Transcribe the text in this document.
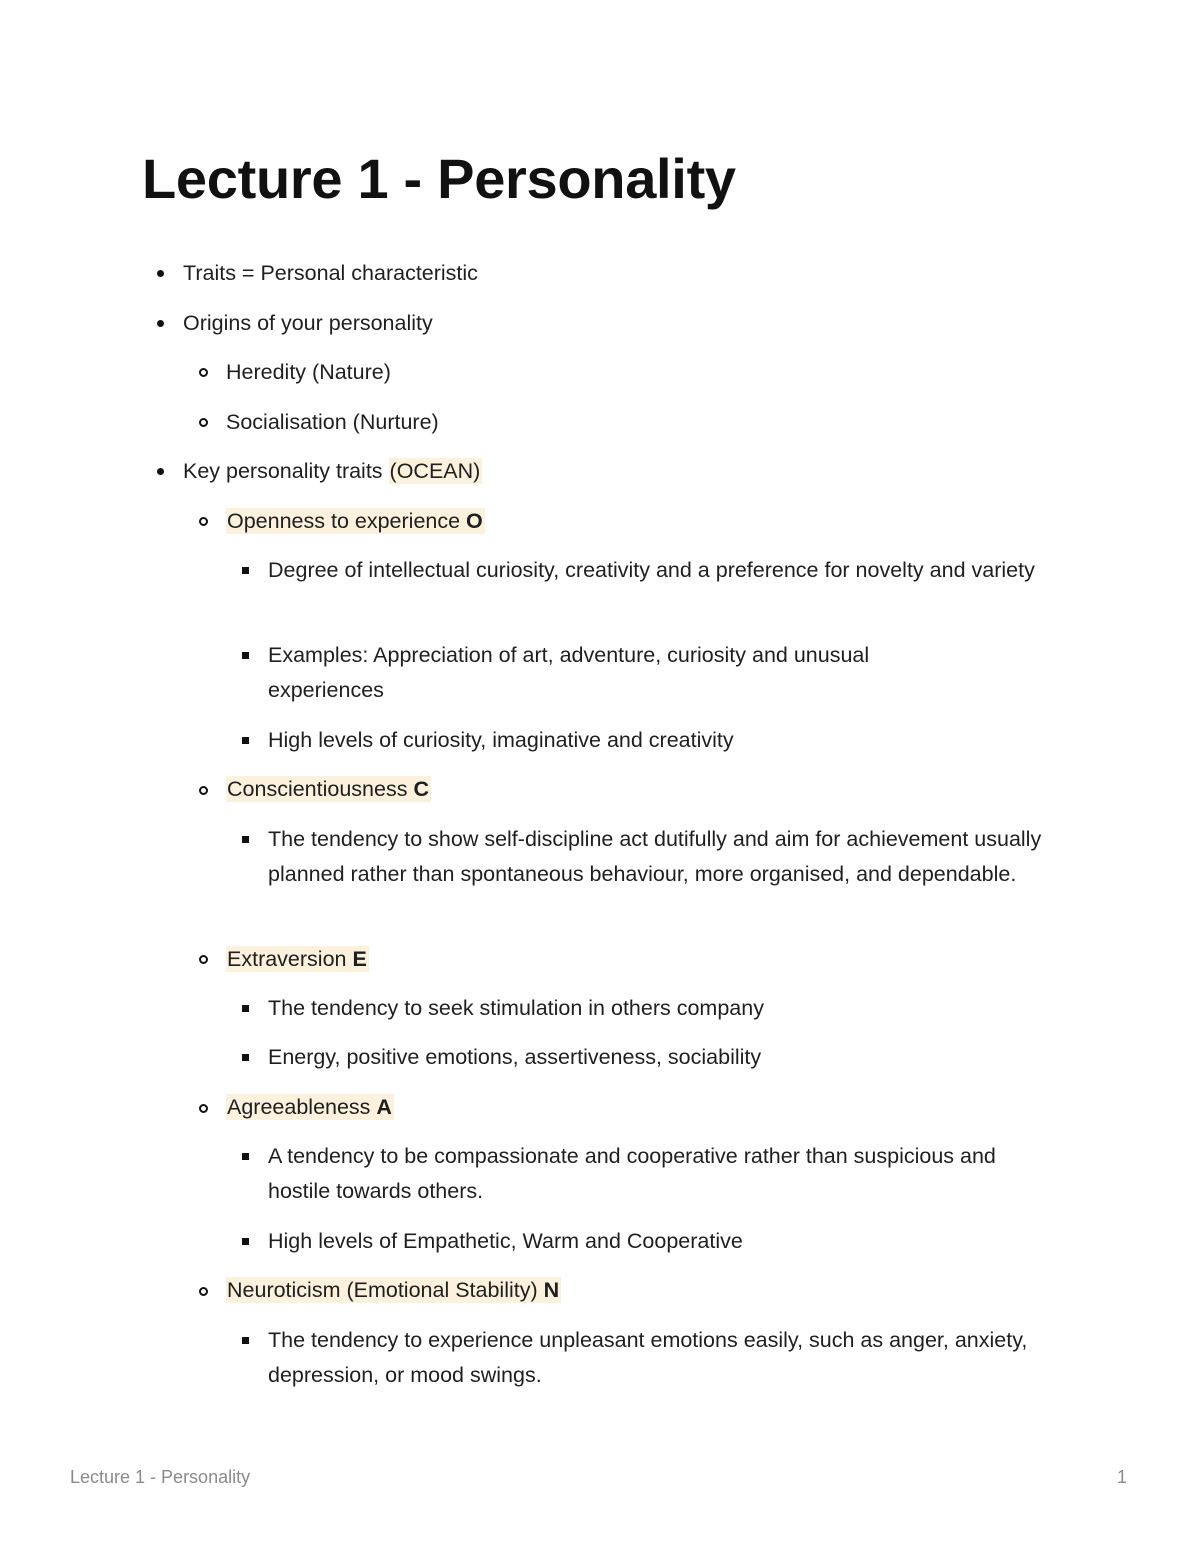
Lecture 1 - Personality
Traits = Personal characteristic
Origins of your personality
Heredity (Nature)
Socialisation (Nurture)
Key personality traits (OCEAN)
Openness to experience O
Degree of intellectual curiosity, creativity and a preference for novelty and variety
Examples: Appreciation of art, adventure, curiosity and unusual experiences
High levels of curiosity, imaginative and creativity
Conscientiousness C
The tendency to show self-discipline act dutifully and aim for achievement usually planned rather than spontaneous behaviour, more organised, and dependable.
Extraversion E
The tendency to seek stimulation in others company
Energy, positive emotions, assertiveness, sociability
Agreeableness A
A tendency to be compassionate and cooperative rather than suspicious and hostile towards others.
High levels of Empathetic, Warm and Cooperative
Neuroticism (Emotional Stability) N
The tendency to experience unpleasant emotions easily, such as anger, anxiety, depression, or mood swings.
Lecture 1 - Personality	1
